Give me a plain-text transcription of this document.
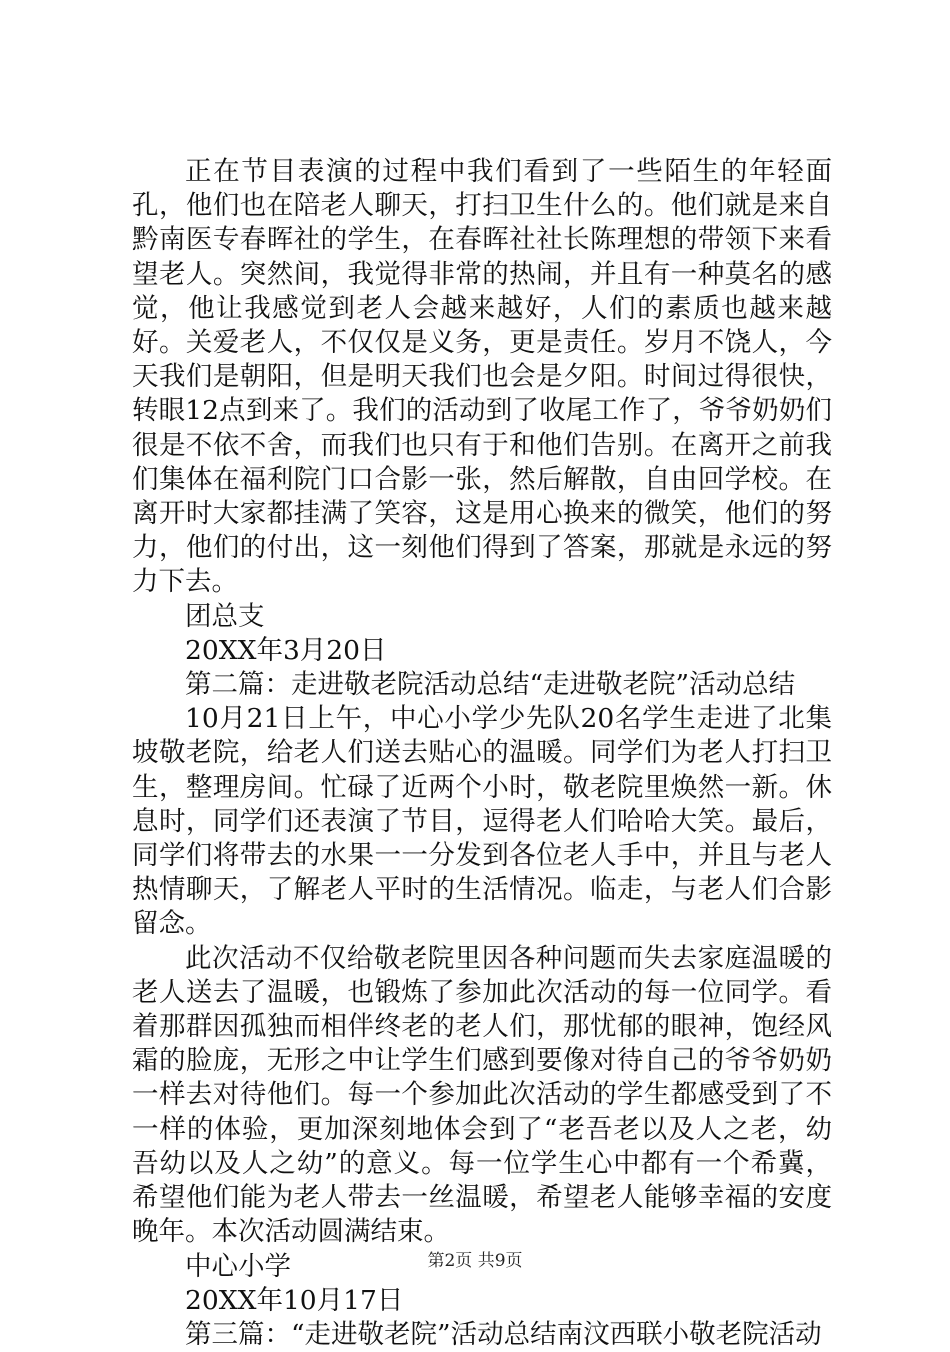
正在节目表演的过程中我们看到了一些陌生的年轻面孔，他们也在陪老人聊天，打扫卫生什么的。他们就是来自黔南医专春晖社的学生，在春晖社社长陈理想的带领下来看望老人。突然间，我觉得非常的热闹，并且有一种莫名的感觉，他让我感觉到老人会越来越好，人们的素质也越来越好。关爱老人，不仅仅是义务，更是责任。岁月不饶人，今天我们是朝阳，但是明天我们也会是夕阳。时间过得很快，转眼12点到来了。我们的活动到了收尾工作了，爷爷奶奶们很是不依不舍，而我们也只有于和他们告别。在离开之前我们集体在福利院门口合影一张，然后解散，自由回学校。在离开时大家都挂满了笑容，这是用心换来的微笑，他们的努力，他们的付出，这一刻他们得到了答案，那就是永远的努力下去。

团总支

20XX年3月20日

第二篇：走进敬老院活动总结“走进敬老院”活动总结

10月21日上午，中心小学少先队20名学生走进了北集坡敬老院，给老人们送去贴心的温暖。同学们为老人打扫卫生，整理房间。忙碌了近两个小时，敬老院里焕然一新。休息时，同学们还表演了节目，逗得老人们哈哈大笑。最后，同学们将带去的水果一一分发到各位老人手中，并且与老人热情聊天，了解老人平时的生活情况。临走，与老人们合影留念。

此次活动不仅给敬老院里因各种问题而失去家庭温暖的老人送去了温暖，也锻炼了参加此次活动的每一位同学。看着那群因孤独而相伴终老的老人们，那忧郁的眼神，饱经风霜的脸庞，无形之中让学生们感到要像对待自己的爷爷奶奶一样去对待他们。每一个参加此次活动的学生都感受到了不一样的体验，更加深刻地体会到了“老吾老以及人之老，幼吾幼以及人之幼”的意义。每一位学生心中都有一个希冀，希望他们能为老人带去一丝温暖，希望老人能够幸福的安度晚年。本次活动圆满结束。

中心小学

20XX年10月17日

第三篇：“走进敬老院”活动总结南汶西联小敬老院活动

第2页 共9页
